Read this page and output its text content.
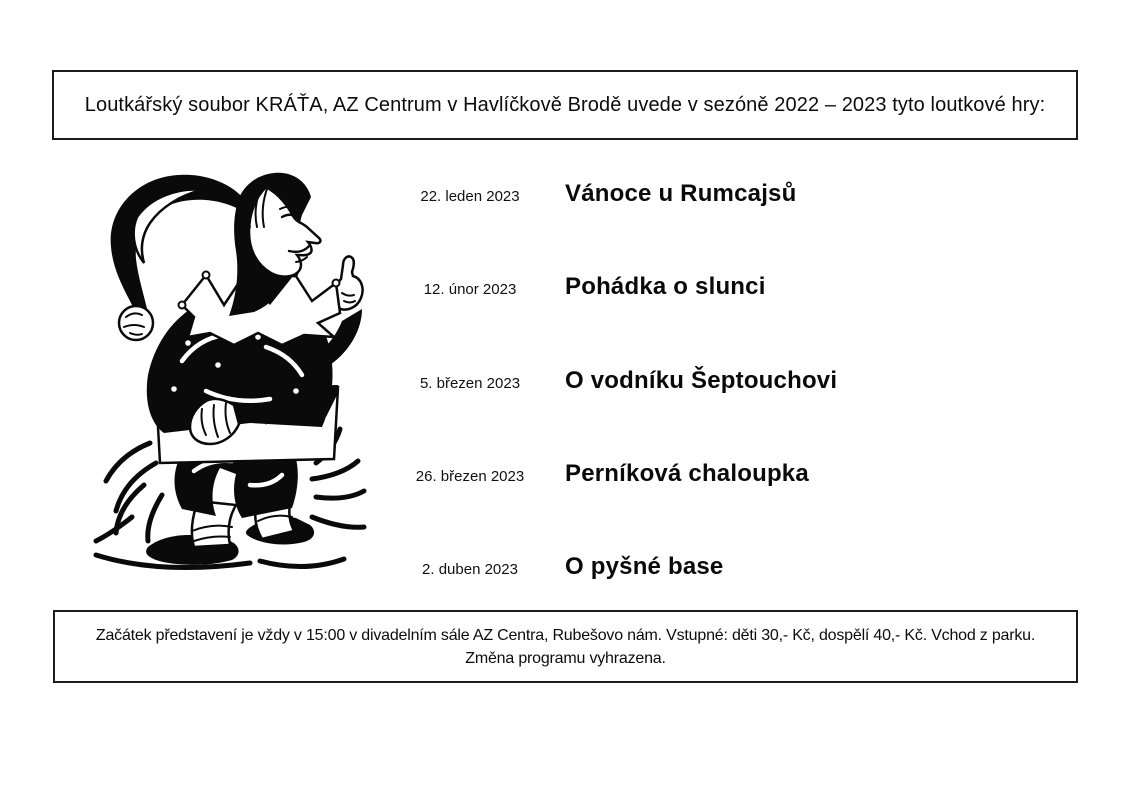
Loutkářský soubor KRÁŤA, AZ Centrum v Havlíčkově Brodě uvede v sezóně 2022 – 2023 tyto loutkové hry:
H
22. leden 2023	Vánoce u Rumcajsů
12. únor 2023	Pohádka o slunci
5. březen 2023	O vodníku Šeptouchovi
26. březen 2023	Perníková chaloupka
2. duben 2023	O pyšné base
Začátek představení je vždy v 15:00 v divadelním sále AZ Centra, Rubešovo nám. Vstupné: děti 30,- Kč, dospělí 40,- Kč. Vchod z parku.
Změna programu vyhrazena.
